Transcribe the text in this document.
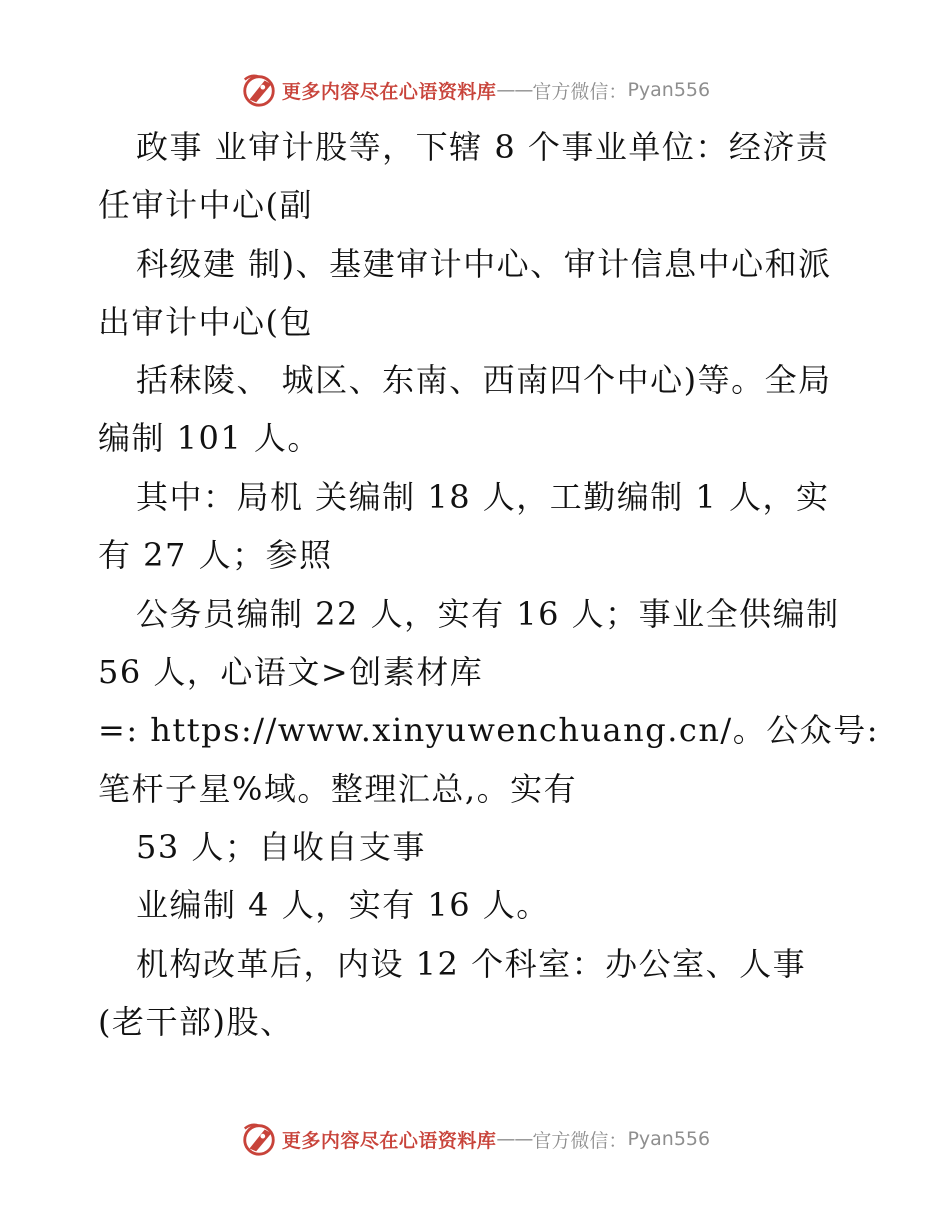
更多内容尽在心语资料库 —— 官方微信： Pyan556
政事 业审计股等，下辖 8 个事业单位：经济责
任审计中心(副
科级建 制)、基建审计中心、审计信息中心和派
出审计中心(包
括秣陵、 城区、东南、西南四个中心)等。全局
编制 101 人。
其中：局机 关编制 18 人，工勤编制 1 人，实
有 27 人；参照
公务员编制 22 人，实有 16 人；事业全供编制
56 人，心语文>创素材库
=: https://www.xinyuwenchuang.cn/。公众号:
笔杆子星%域。整理汇总,。实有
53 人；自收自支事
业编制 4 人，实有 16 人。
机构改革后，内设 12 个科室：办公室、人事
(老干部)股、
更多内容尽在心语资料库 —— 官方微信： Pyan556
